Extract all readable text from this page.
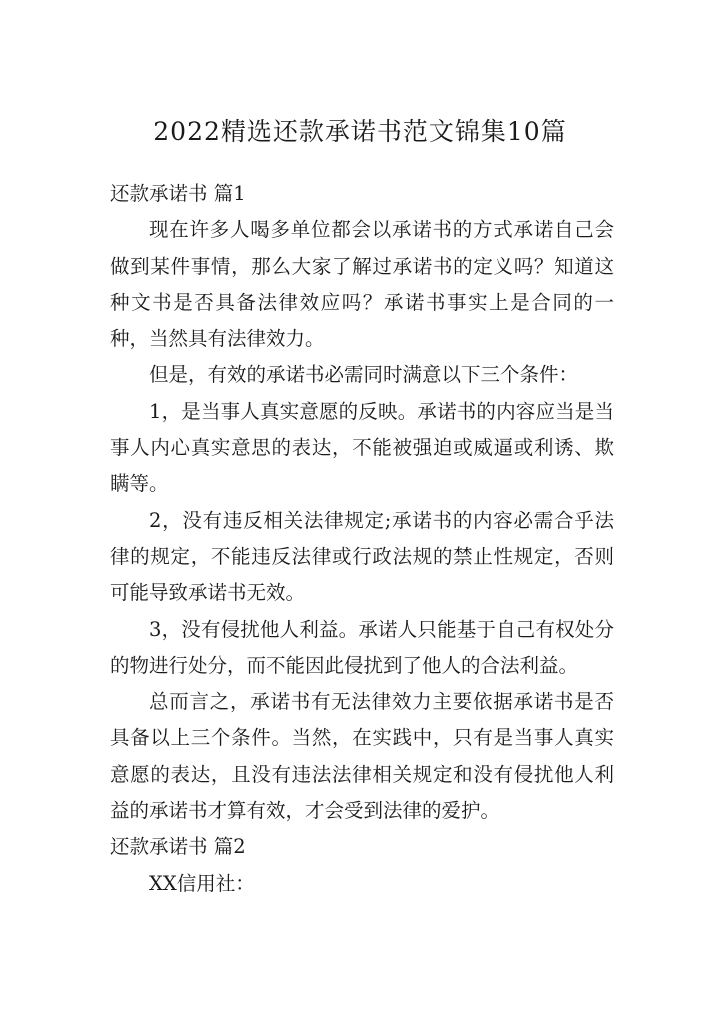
2022精选还款承诺书范文锦集10篇

还款承诺书 篇1

现在许多人喝多单位都会以承诺书的方式承诺自己会做到某件事情，那么大家了解过承诺书的定义吗？知道这种文书是否具备法律效应吗？承诺书事实上是合同的一种，当然具有法律效力。

但是，有效的承诺书必需同时满意以下三个条件：

1，是当事人真实意愿的反映。承诺书的内容应当是当事人内心真实意思的表达，不能被强迫或威逼或利诱、欺瞒等。

2，没有违反相关法律规定;承诺书的内容必需合乎法律的规定，不能违反法律或行政法规的禁止性规定，否则可能导致承诺书无效。

3，没有侵扰他人利益。承诺人只能基于自己有权处分的物进行处分，而不能因此侵扰到了他人的合法利益。

总而言之，承诺书有无法律效力主要依据承诺书是否具备以上三个条件。当然，在实践中，只有是当事人真实意愿的表达，且没有违法法律相关规定和没有侵扰他人利益的承诺书才算有效，才会受到法律的爱护。

还款承诺书 篇2

XX信用社：
